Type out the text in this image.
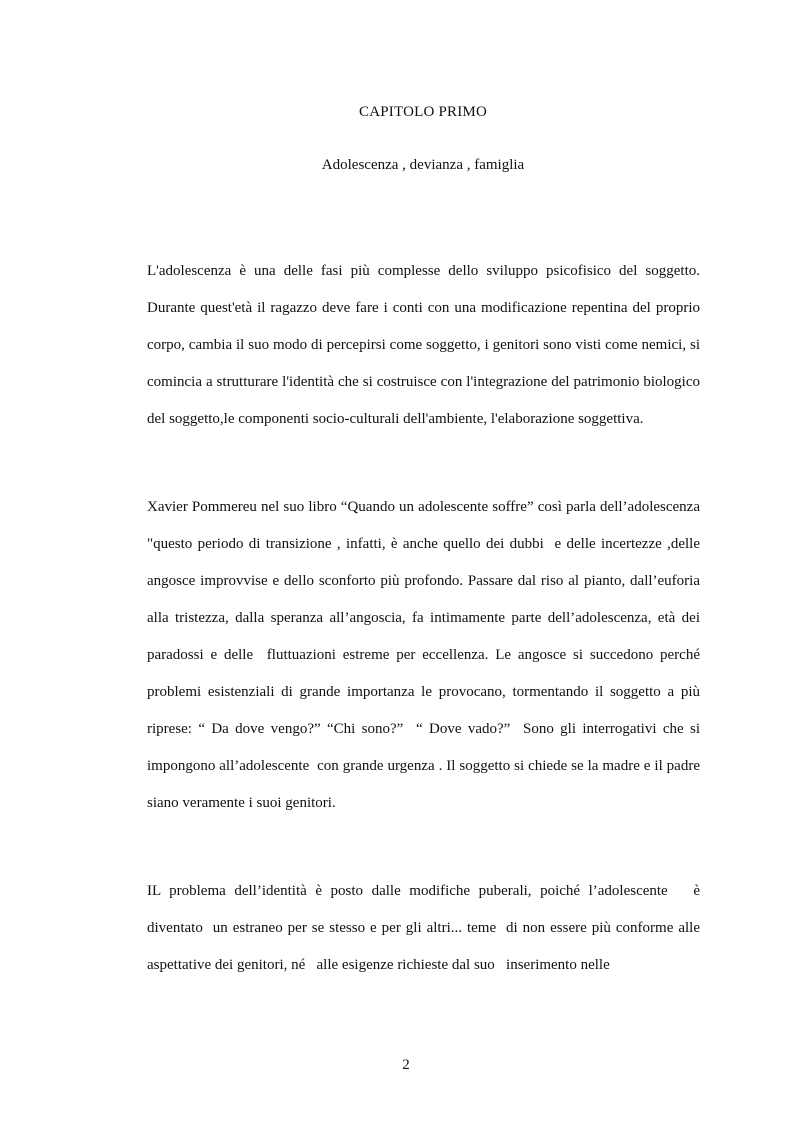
CAPITOLO PRIMO
Adolescenza , devianza , famiglia

L'adolescenza è una delle fasi più complesse dello sviluppo psicofisico del soggetto. Durante quest'età il ragazzo deve fare i conti con una modificazione repentina del proprio corpo, cambia il suo modo di percepirsi come soggetto, i genitori sono visti come nemici, si comincia a strutturare l'identità che si costruisce con l'integrazione del patrimonio biologico del soggetto,le componenti socio-culturali dell'ambiente, l'elaborazione soggettiva.

Xavier Pommereu nel suo libro “Quando un adolescente soffre” così parla dell’adolescenza  "questo periodo di transizione , infatti, è anche quello dei dubbi  e delle incertezze ,delle angosce improvvise e dello sconforto più profondo. Passare dal riso al pianto, dall’euforia alla tristezza, dalla speranza all’angoscia, fa intimamente parte dell’adolescenza, età dei paradossi e delle  fluttuazioni estreme per eccellenza. Le angosce si succedono perché problemi esistenziali di grande importanza le provocano, tormentando il soggetto a più riprese: “ Da dove vengo?” “Chi sono?”  “ Dove vado?”  Sono gli interrogativi che si impongono all’adolescente  con grande urgenza . Il soggetto si chiede se la madre e il padre  siano veramente i suoi genitori.

IL problema dell’identità è posto dalle modifiche puberali, poiché l’adolescente   è diventato  un estraneo per se stesso e per gli altri... teme  di non essere più conforme alle aspettative dei genitori, né   alle esigenze richieste dal suo   inserimento nelle

2
